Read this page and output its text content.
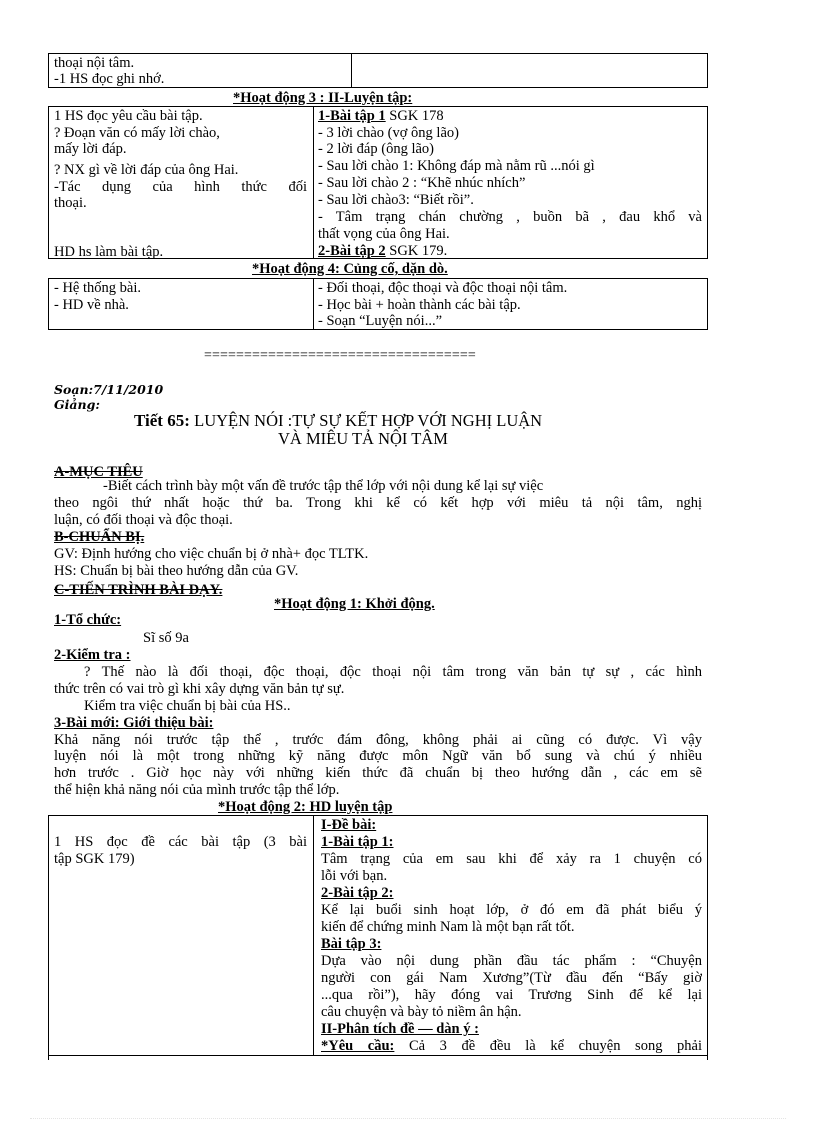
thoại nội tâm.
-1 HS đọc ghi nhớ.
*Hoạt động 3 : II-Luyện tập:
1 HS đọc yêu cầu bài tập.
? Đoạn văn có mấy lời chào,
mấy lời đáp.
? NX gì về lời đáp của ông Hai.
-Tác dụng của hình thức đối
thoại.
HD hs làm bài tập.
1-Bài tập 1 SGK 178
- 3 lời chào (vợ ông lão)
- 2 lời đáp (ông lão)
- Sau lời chào 1: Không đáp mà nằm rũ ...nói gì
- Sau lời chào 2 : “Khẽ nhúc nhích”
- Sau lời chào3: “Biết rồi”.
- Tâm trạng chán chường , buồn bã , đau khổ và
thất vọng của ông Hai.
2-Bài tập 2 SGK 179.
*Hoạt động 4: Củng cố, dặn dò.
- Hệ thống bài.
- HD về nhà.
- Đối thoại, độc thoại và độc thoại nội tâm.
- Học bài + hoàn thành các bài tập.
- Soạn “Luyện nói...”
==================================
Soạn:7/11/2010
Giảng:
Tiết 65: LUYỆN NÓI :TỰ SỰ KẾT HỢP VỚI NGHỊ LUẬN
VÀ MIÊU TẢ NỘI TÂM
A-MỤC TIÊU
-Biết cách trình bày một vấn đề trước tập thể lớp với nội dung kể lại sự việc
theo ngôi thứ nhất hoặc thứ ba. Trong khi kể có kết hợp với miêu tả nội tâm, nghị
luận, có đối thoại và độc thoại.
B-CHUẨN BỊ.
GV: Định hướng cho việc chuẩn bị ở nhà+ đọc TLTK.
HS: Chuẩn bị bài theo hướng dẫn của GV.
C-TIẾN TRÌNH BÀI DẠY.
*Hoạt động 1: Khởi động.
1-Tổ chức:
Sĩ số 9a
2-Kiểm tra :
? Thế nào là đối thoại, độc thoại, độc thoại nội tâm trong văn bản tự sự , các hình
thức trên có vai trò gì khi xây dựng văn bản tự sự.
Kiểm tra việc chuẩn bị bài của HS..
3-Bài mới: Giới thiệu bài:
Khả năng nói trước tập thể , trước đám đông, không phải ai cũng có được. Vì vậy
luyện nói là một trong những kỹ năng được môn Ngữ văn bổ sung và chú ý nhiều
hơn trước . Giờ học này với những kiến thức đã chuẩn bị theo hướng dẫn , các em sẽ
thể hiện khả năng nói của mình trước tập thể lớp.
*Hoạt động 2: HD luyện tập
1 HS đọc đề các bài tập (3 bài
tập SGK 179)
I-Đề bài:
1-Bài tập 1:
Tâm trạng của em sau khi để xảy ra 1 chuyện có
lỗi với bạn.
2-Bài tập 2:
Kể lại buổi sinh hoạt lớp, ở đó em đã phát biểu ý
kiến để chứng minh Nam là một bạn rất tốt.
Bài tập 3:
Dựa vào nội dung phần đầu tác phẩm : “Chuyện
người con gái Nam Xương”(Từ đầu đến “Bấy giờ
...qua rồi”), hãy đóng vai Trương Sinh để kể lại
câu chuyện và bày tỏ niềm ân hận.
II-Phân tích đề — dàn ý :
*Yêu cầu: Cả 3 đề đều là kể chuyện song phải
